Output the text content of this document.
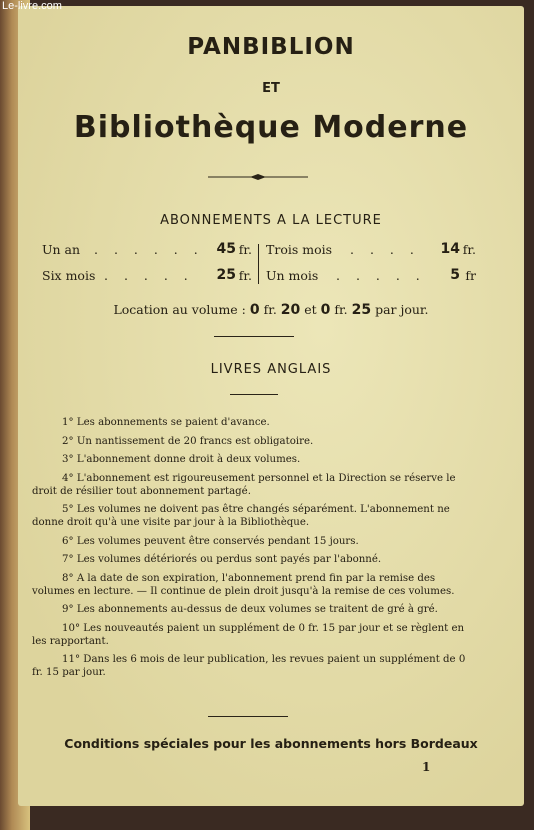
Le-livre.com
PANBIBLION
ET
Bibliothèque Moderne
ABONNEMENTS A LA LECTURE
Un an . . . . . . 45 fr.
Six mois . . . . . 25 fr.
Trois mois . . . . 14 fr.
Un mois . . . . . 5 fr
Location au volume : 0 fr. 20 et 0 fr. 25 par jour.
LIVRES ANGLAIS
1° Les abonnements se paient d'avance.
2° Un nantissement de 20 francs est obligatoire.
3° L'abonnement donne droit à deux volumes.
4° L'abonnement est rigoureusement personnel et la Direction se réserve le droit de résilier tout abonnement partagé.
5° Les volumes ne doivent pas être changés séparément. L'abonnement ne donne droit qu'à une visite par jour à la Bibliothèque.
6° Les volumes peuvent être conservés pendant 15 jours.
7° Les volumes détériorés ou perdus sont payés par l'abonné.
8° A la date de son expiration, l'abonnement prend fin par la remise des volumes en lecture. — Il continue de plein droit jusqu'à la remise de ces volumes.
9° Les abonnements au-dessus de deux volumes se traitent de gré à gré.
10° Les nouveautés paient un supplément de 0 fr. 15 par jour et se règlent en les rapportant.
11° Dans les 6 mois de leur publication, les revues paient un supplément de 0 fr. 15 par jour.
Conditions spéciales pour les abonnements hors Bordeaux
1
